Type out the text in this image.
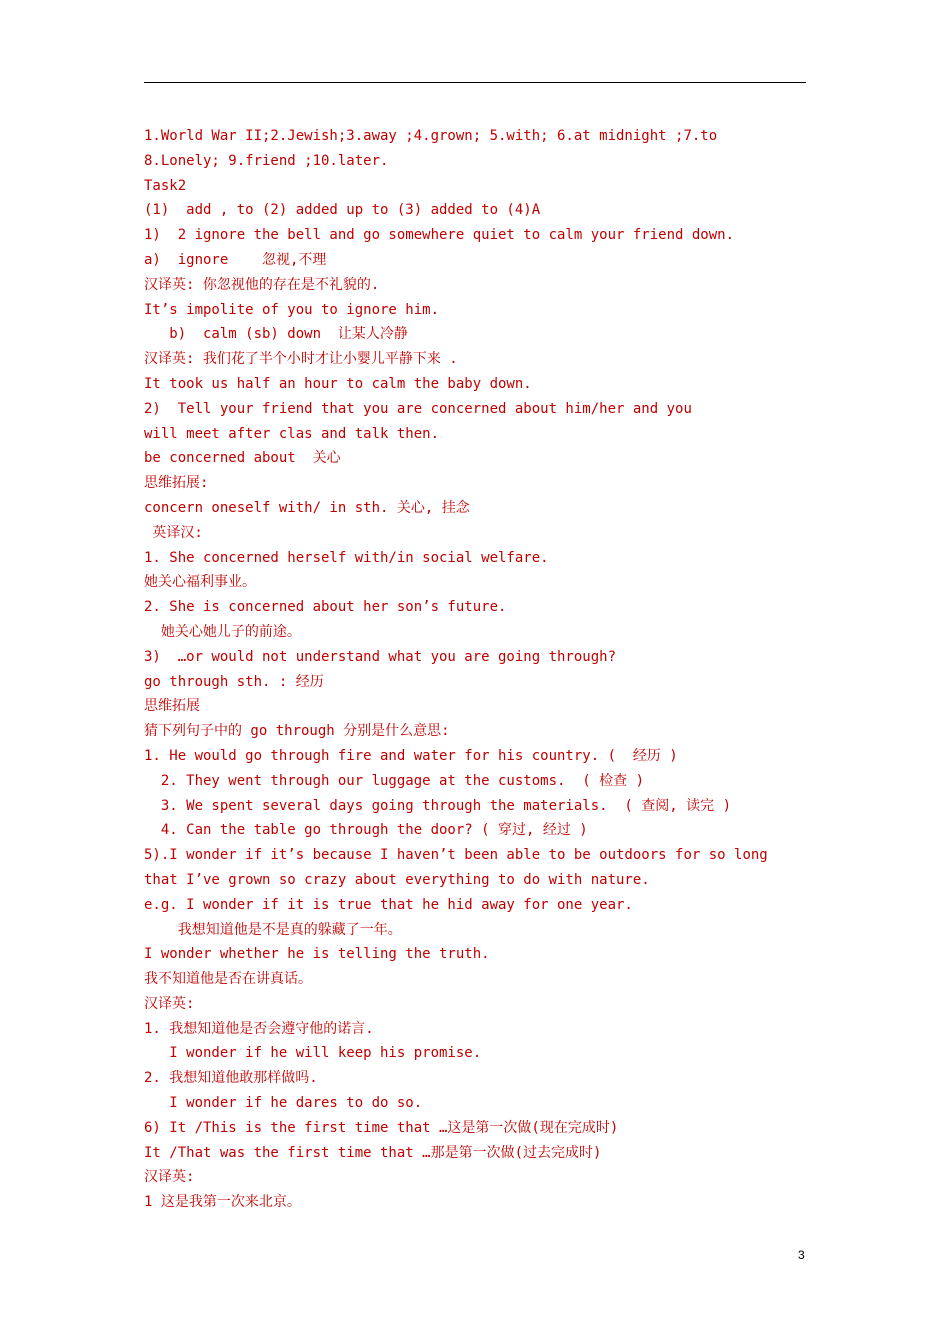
1.World War II;2.Jewish;3.away ;4.grown; 5.with; 6.at midnight ;7.to
8.Lonely; 9.friend ;10.later.
Task2
(1)  add , to (2) added up to (3) added to (4)A
1)  2 ignore the bell and go somewhere quiet to calm your friend down.
a)  ignore    忽视,不理
汉译英: 你忽视他的存在是不礼貌的.
It’s impolite of you to ignore him.
b)  calm (sb) down  让某人冷静
汉译英: 我们花了半个小时才让小婴儿平静下来 .
It took us half an hour to calm the baby down.
2)  Tell your friend that you are concerned about him/her and you
will meet after clas and talk then.
be concerned about  关心
思维拓展:
concern oneself with/ in sth. 关心, 挂念
英译汉:
1. She concerned herself with/in social welfare.
她关心福利事业。
2. She is concerned about her son’s future.
她关心她儿子的前途。
3)  …or would not understand what you are going through?
go through sth. : 经历
思维拓展
猜下列句子中的 go through 分别是什么意思:
1. He would go through fire and water for his country. (  经历 )
2. They went through our luggage at the customs.  ( 检查 )
3. We spent several days going through the materials.  ( 查阅, 读完 )
4. Can the table go through the door? ( 穿过, 经过 )
5).I wonder if it’s because I haven’t been able to be outdoors for so long
that I’ve grown so crazy about everything to do with nature.
e.g. I wonder if it is true that he hid away for one year.
我想知道他是不是真的躲藏了一年。
I wonder whether he is telling the truth.
我不知道他是否在讲真话。
汉译英:
1. 我想知道他是否会遵守他的诺言.
I wonder if he will keep his promise.
2. 我想知道他敢那样做吗.
I wonder if he dares to do so.
6) It /This is the first time that …这是第一次做(现在完成时)
It /That was the first time that …那是第一次做(过去完成时)
汉译英:
1 这是我第一次来北京。
3
